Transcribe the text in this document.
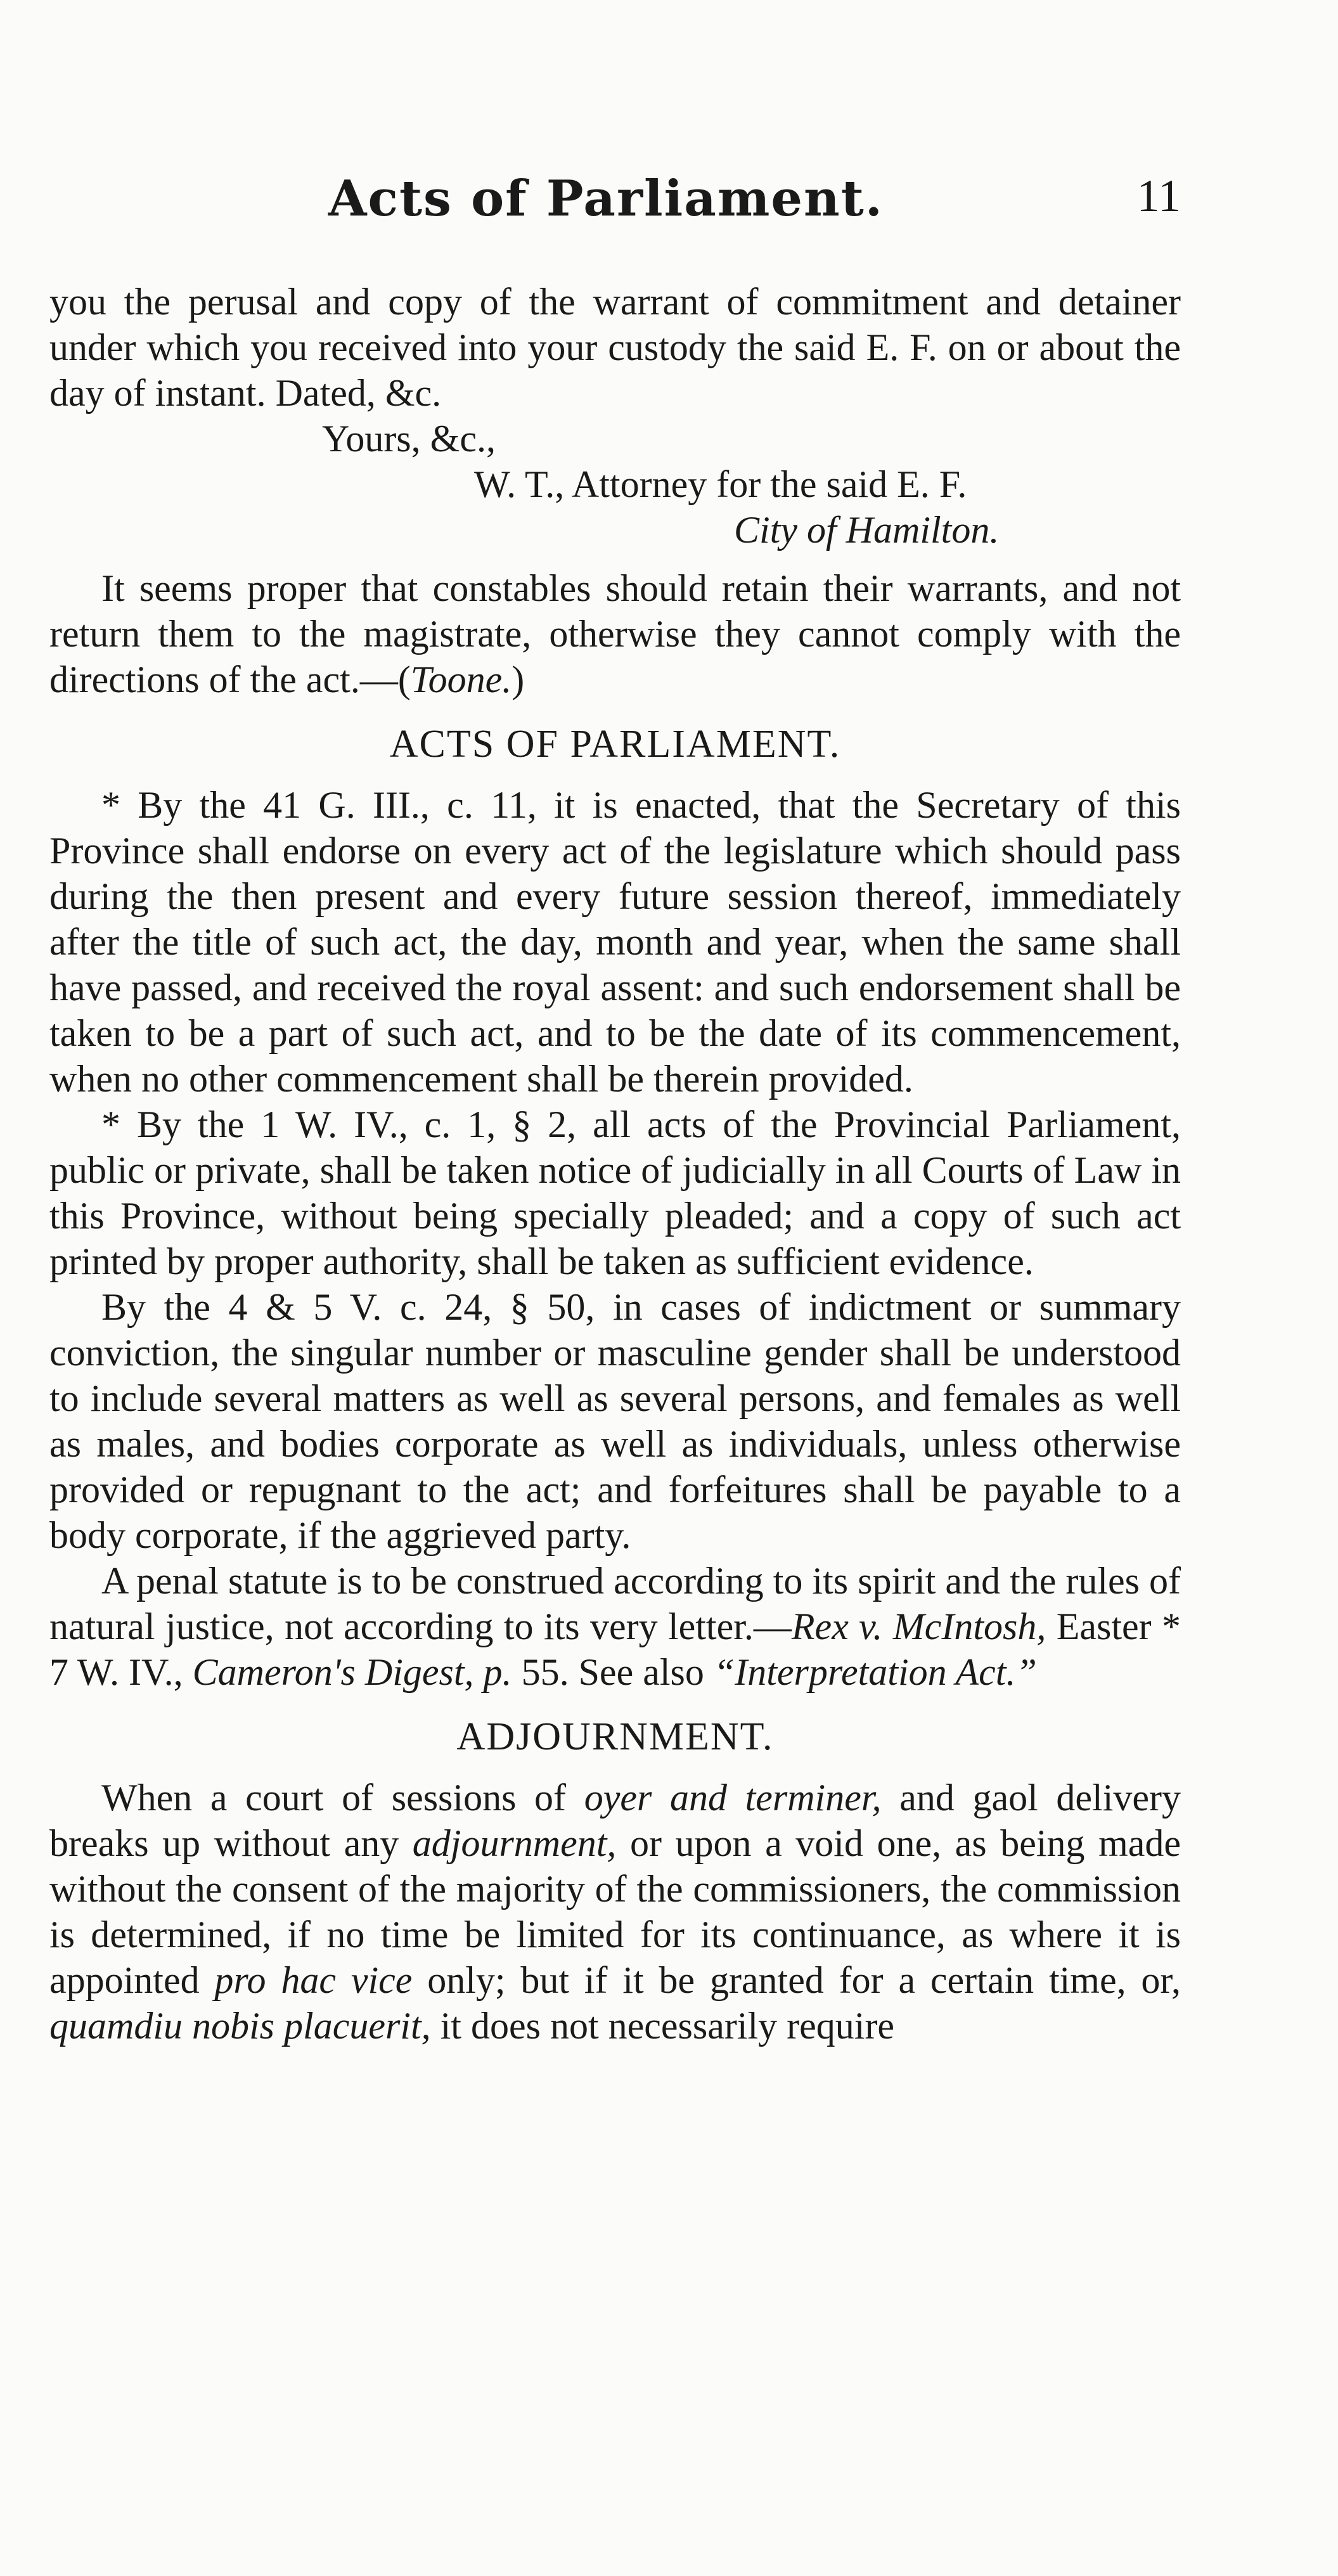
Acts of Parliament.	11

you the perusal and copy of the warrant of commitment and detainer under which you received into your custody the said E. F. on or about the day of instant. Dated, &c.

Yours, &c.,

W. T., Attorney for the said E. F.

City of Hamilton.

It seems proper that constables should retain their warrants, and not return them to the magistrate, otherwise they cannot comply with the directions of the act.—(Toone.)

ACTS OF PARLIAMENT.

* By the 41 G. III., c. 11, it is enacted, that the Secretary of this Province shall endorse on every act of the legislature which should pass during the then present and every future session thereof, immediately after the title of such act, the day, month and year, when the same shall have passed, and received the royal assent: and such endorsement shall be taken to be a part of such act, and to be the date of its commencement, when no other commencement shall be therein provided.

* By the 1 W. IV., c. 1, § 2, all acts of the Provincial Parliament, public or private, shall be taken notice of judicially in all Courts of Law in this Province, without being specially pleaded; and a copy of such act printed by proper authority, shall be taken as sufficient evidence.

By the 4 & 5 V. c. 24, § 50, in cases of indictment or summary conviction, the singular number or masculine gender shall be understood to include several matters as well as several persons, and females as well as males, and bodies corporate as well as individuals, unless otherwise provided or repugnant to the act; and forfeitures shall be payable to a body corporate, if the aggrieved party.

A penal statute is to be construed according to its spirit and the rules of natural justice, not according to its very letter.—Rex v. McIntosh, Easter * 7 W. IV., Cameron's Digest, p. 55. See also “Interpretation Act.”

ADJOURNMENT.

When a court of sessions of oyer and terminer, and gaol delivery breaks up without any adjournment, or upon a void one, as being made without the consent of the majority of the commissioners, the commission is determined, if no time be limited for its continuance, as where it is appointed pro hac vice only; but if it be granted for a certain time, or, quamdiu nobis placuerit, it does not necessarily require
